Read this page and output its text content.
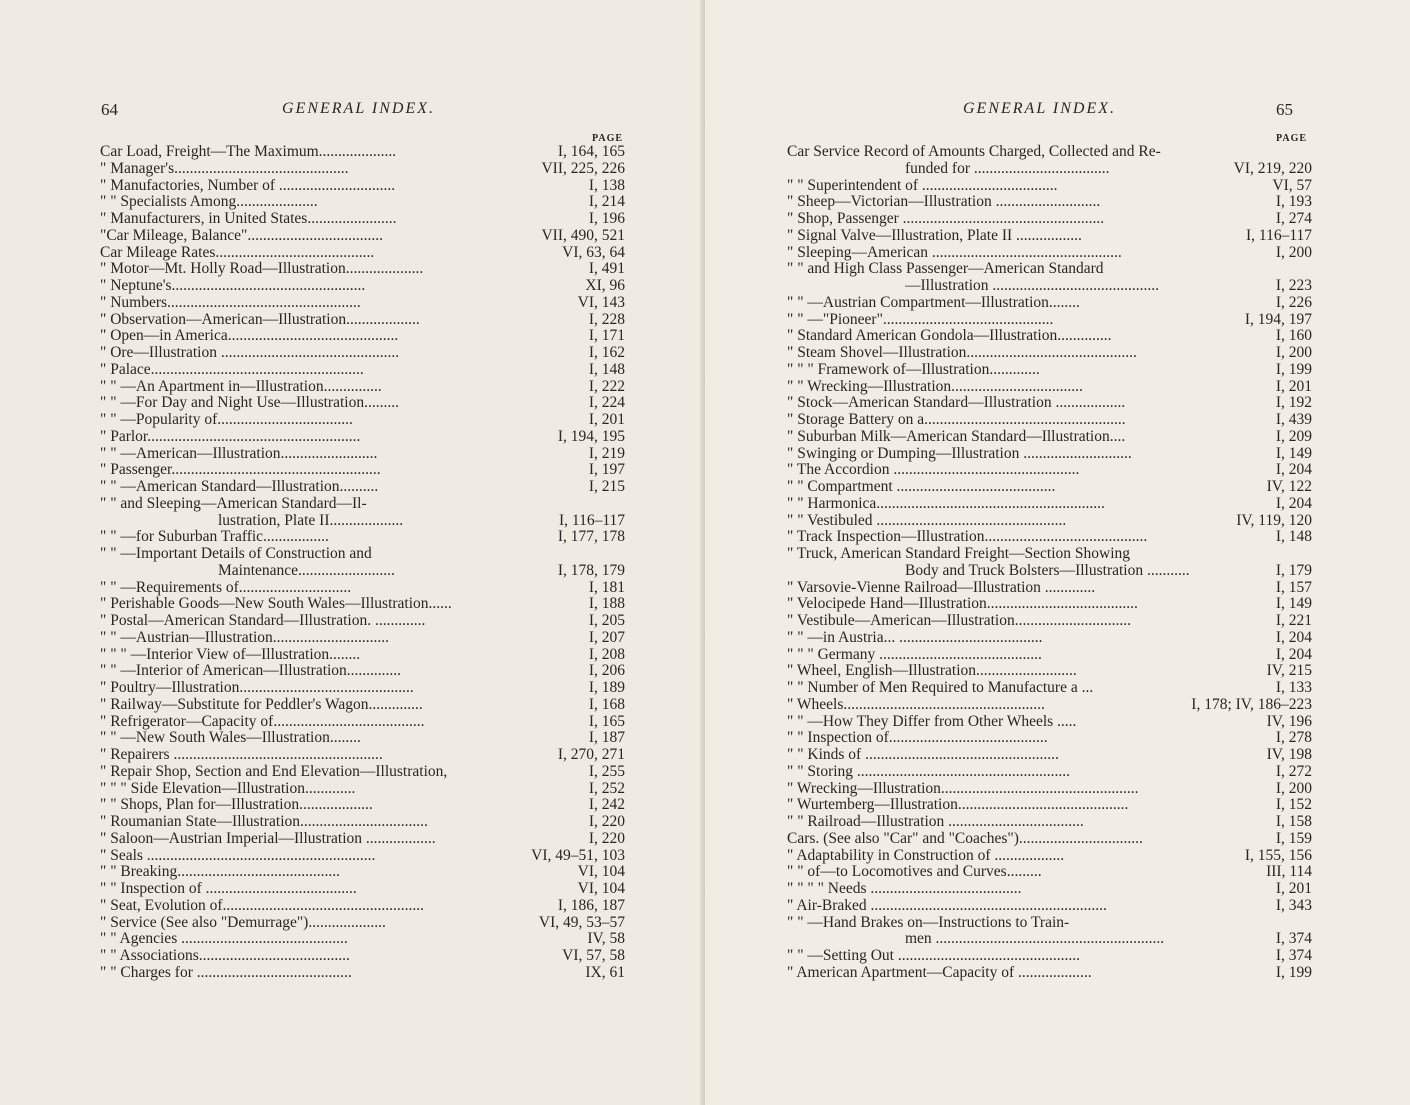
64	GENERAL INDEX.
PAGE
Car Load, Freight—The Maximum....................	I, 164, 165
" Manager's.............................................	VII, 225, 226
" Manufactories, Number of ..............................	I, 138
" " Specialists Among.....................	I, 214
" Manufacturers, in United States.......................	I, 196
"Car Mileage, Balance"...................................	VII, 490, 521
Car Mileage Rates.........................................	VI, 63, 64
" Motor—Mt. Holly Road—Illustration....................	I, 491
" Neptune's..................................................	XI, 96
" Numbers..................................................	VI, 143
" Observation—American—Illustration...................	I, 228
" Open—in America............................................	I, 171
" Ore—Illustration ..............................................	I, 162
" Palace.......................................................	I, 148
" " —An Apartment in—Illustration...............	I, 222
" " —For Day and Night Use—Illustration.........	I, 224
" " —Popularity of...................................	I, 201
" Parlor.......................................................	I, 194, 195
" " —American—Illustration.........................	I, 219
" Passenger......................................................	I, 197
" " —American Standard—Illustration..........	I, 215
" " and Sleeping—American Standard—Il-
lustration, Plate II...................	I, 116–117
" " —for Suburban Traffic.................	I, 177, 178
" " —Important Details of Construction and
Maintenance.........................	I, 178, 179
" " —Requirements of.............................	I, 181
" Perishable Goods—New South Wales—Illustration......	I, 188
" Postal—American Standard—Illustration. .............	I, 205
" " —Austrian—Illustration..............................	I, 207
" " " —Interior View of—Illustration........	I, 208
" " —Interior of American—Illustration..............	I, 206
" Poultry—Illustration.............................................	I, 189
" Railway—Substitute for Peddler's Wagon..............	I, 168
" Refrigerator—Capacity of.......................................	I, 165
" " —New South Wales—Illustration........	I, 187
" Repairers ......................................................	I, 270, 271
" Repair Shop, Section and End Elevation—Illustration,	I, 255
" " " Side Elevation—Illustration.............	I, 252
" " Shops, Plan for—Illustration...................	I, 242
" Roumanian State—Illustration.................................	I, 220
" Saloon—Austrian Imperial—Illustration ..................	I, 220
" Seals ...........................................................	VI, 49–51, 103
" " Breaking..........................................	VI, 104
" " Inspection of .......................................	VI, 104
" Seat, Evolution of....................................................	I, 186, 187
" Service (See also "Demurrage")....................	VI, 49, 53–57
" " Agencies ...........................................	IV, 58
" " Associations.......................................	VI, 57, 58
" " Charges for ........................................	IX, 61
GENERAL INDEX.	65
PAGE
Car Service Record of Amounts Charged, Collected and Re-
funded for ...................................	VI, 219, 220
" " Superintendent of ...................................	VI, 57
" Sheep—Victorian—Illustration ...........................	I, 193
" Shop, Passenger ....................................................	I, 274
" Signal Valve—Illustration, Plate II .................	I, 116–117
" Sleeping—American .................................................	I, 200
" " and High Class Passenger—American Standard
—Illustration ...........................................	I, 223
" " —Austrian Compartment—Illustration........	I, 226
" " —"Pioneer"............................................	I, 194, 197
" Standard American Gondola—Illustration..............	I, 160
" Steam Shovel—Illustration............................................	I, 200
" " " Framework of—Illustration.............	I, 199
" " Wrecking—Illustration..................................	I, 201
" Stock—American Standard—Illustration ..................	I, 192
" Storage Battery on a....................................................	I, 439
" Suburban Milk—American Standard—Illustration....	I, 209
" Swinging or Dumping—Illustration ............................	I, 149
" The Accordion ................................................	I, 204
" " Compartment .........................................	IV, 122
" " Harmonica...........................................................	I, 204
" " Vestibuled .................................................	IV, 119, 120
" Track Inspection—Illustration..........................................	I, 148
" Truck, American Standard Freight—Section Showing
Body and Truck Bolsters—Illustration ...........	I, 179
" Varsovie-Vienne Railroad—Illustration .............	I, 157
" Velocipede Hand—Illustration.......................................	I, 149
" Vestibule—American—Illustration..............................	I, 221
" " —in Austria... .....................................	I, 204
" " " Germany ..........................................	I, 204
" Wheel, English—Illustration..........................	IV, 215
" " Number of Men Required to Manufacture a ...	I, 133
" Wheels....................................................	I, 178; IV, 186–223
" " —How They Differ from Other Wheels .....	IV, 196
" " Inspection of.........................................	I, 278
" " Kinds of ..................................................	IV, 198
" " Storing .......................................................	I, 272
" Wrecking—Illustration...................................................	I, 200
" Wurtemberg—Illustration............................................	I, 152
" " Railroad—Illustration ...................................	I, 158
Cars. (See also "Car" and "Coaches")................................	I, 159
" Adaptability in Construction of ..................	I, 155, 156
" " of—to Locomotives and Curves.........	III, 114
" " " " Needs .......................................	I, 201
" Air-Braked .............................................................	I, 343
" " —Hand Brakes on—Instructions to Train-
men ...........................................................	I, 374
" " —Setting Out ...............................................	I, 374
" American Apartment—Capacity of ...................	I, 199
